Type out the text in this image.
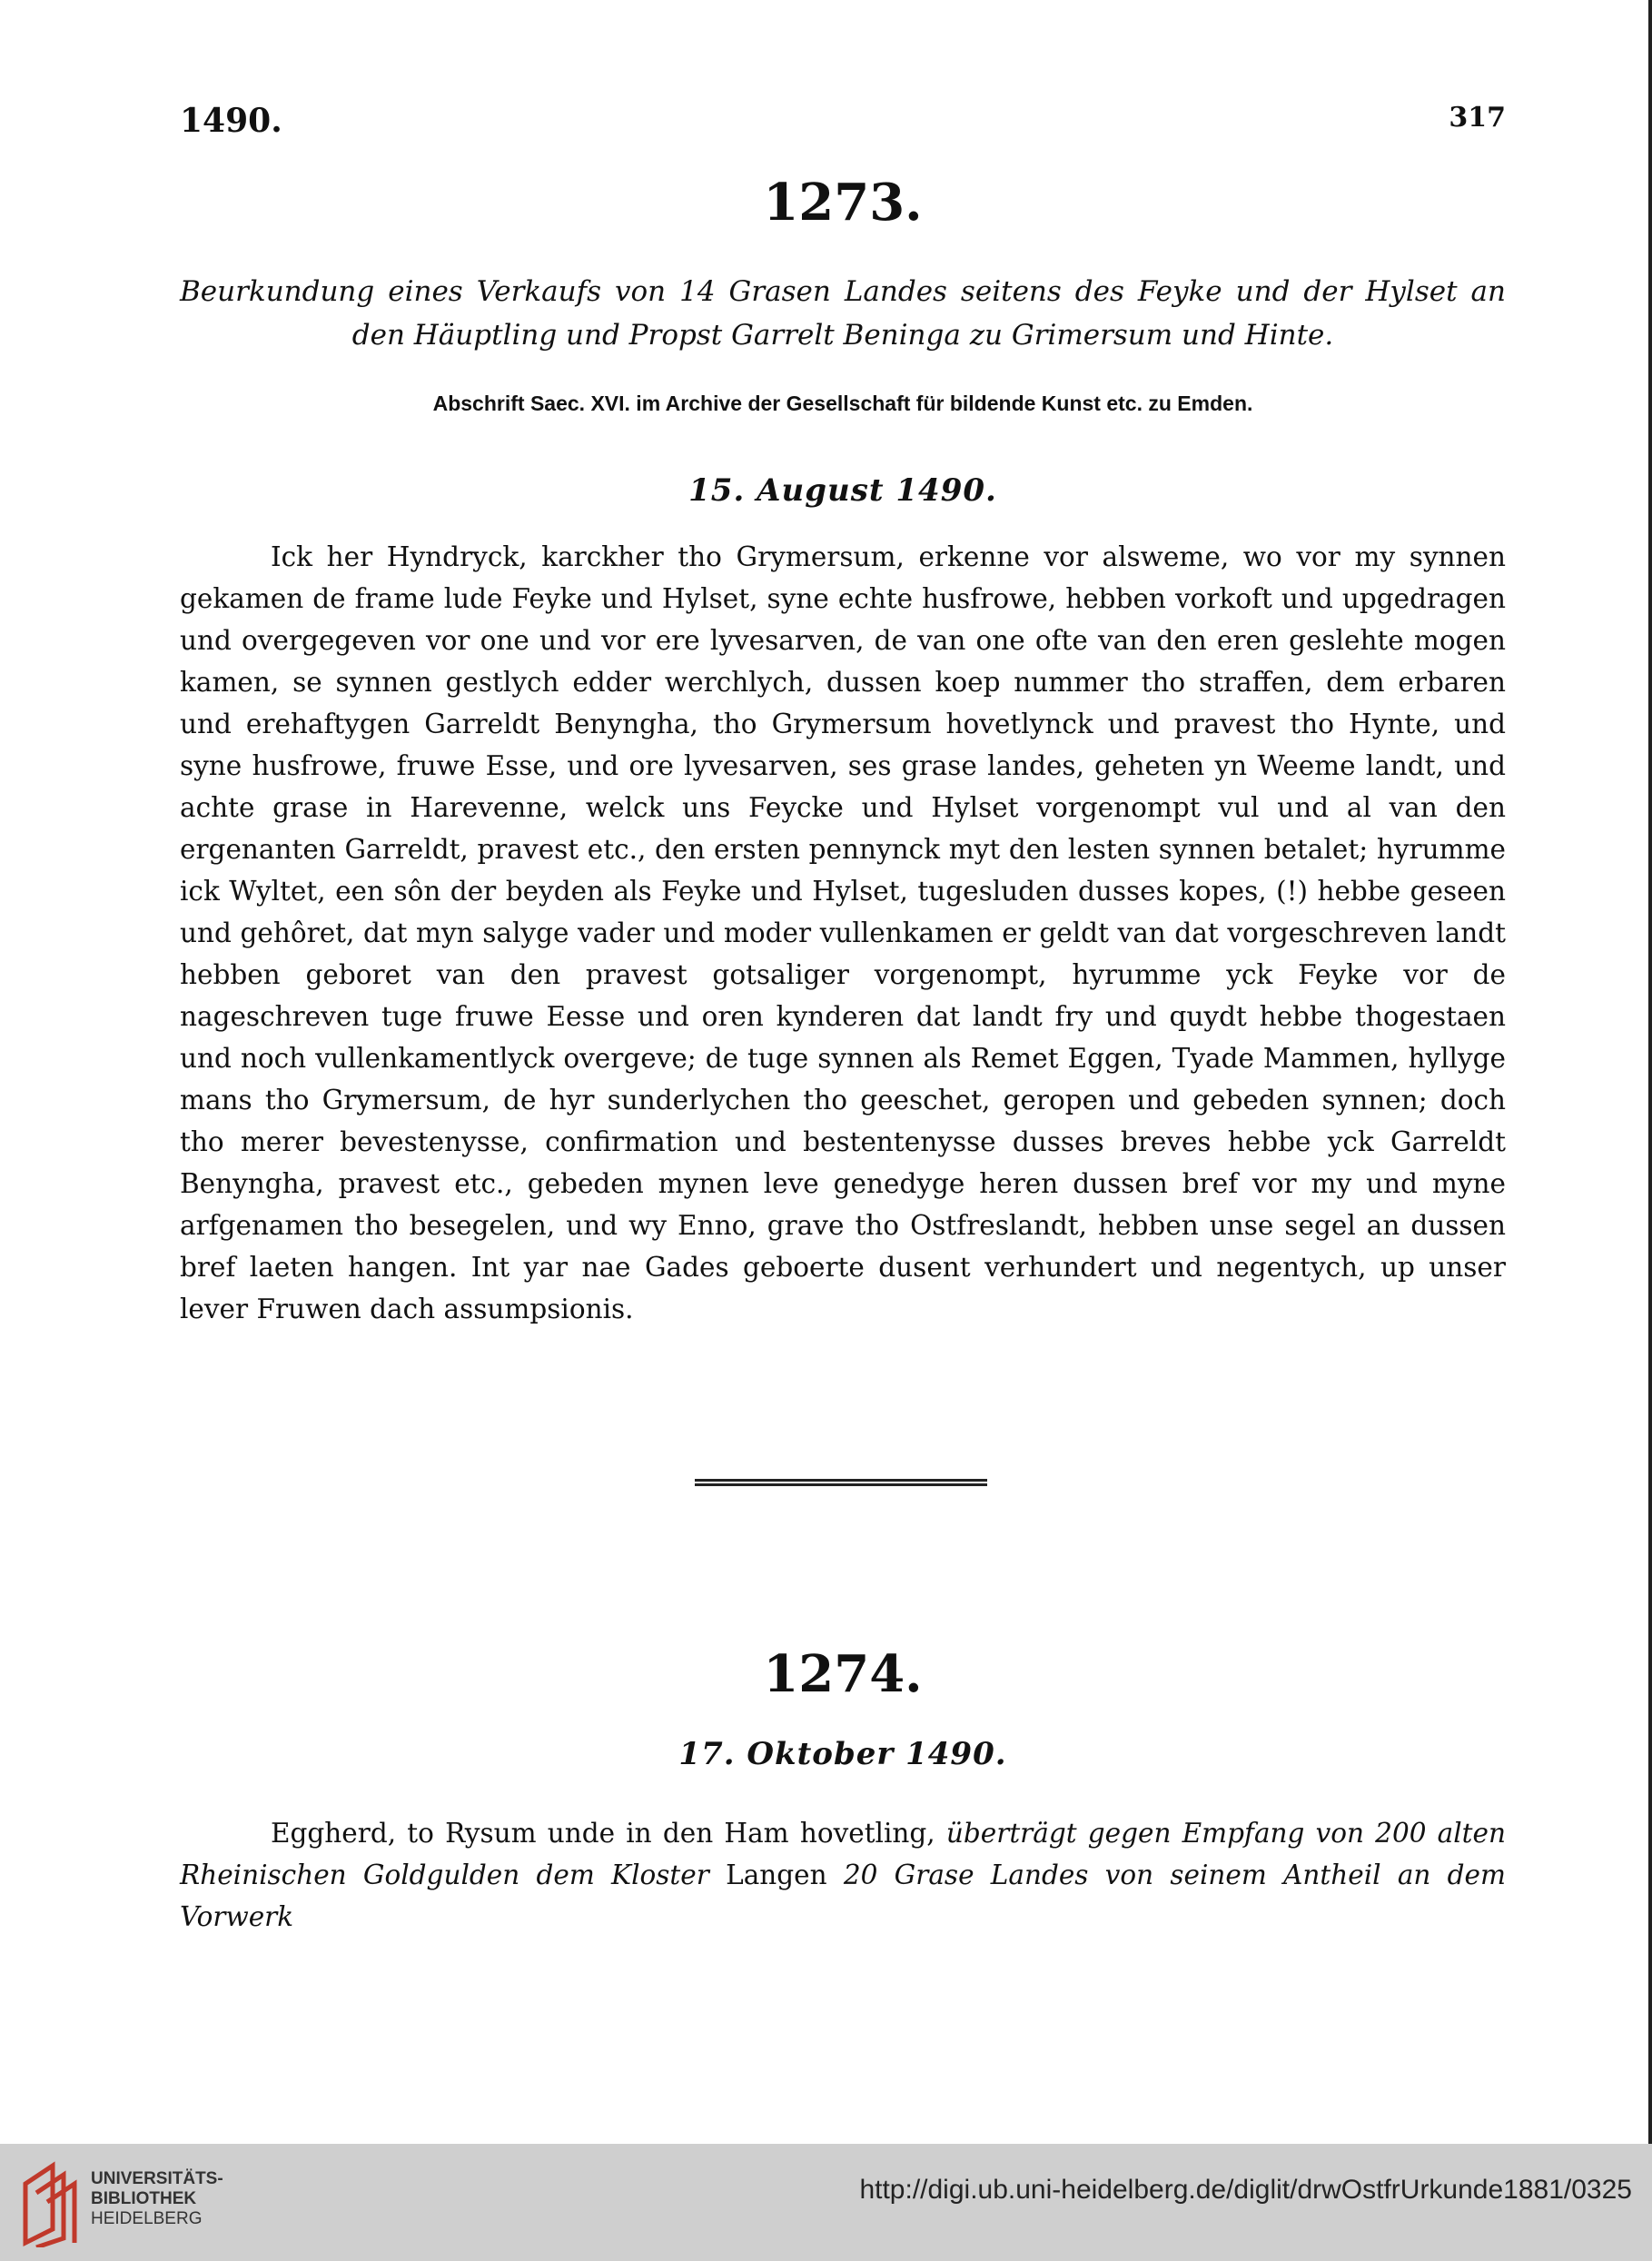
1490.	317
1273.

Beurkundung eines Verkaufs von 14 Grasen Landes seitens des Feyke und der Hylset an den Häuptling und Propst Garrelt Beninga zu Grimersum und Hinte.

Abschrift Saec. XVI. im Archive der Gesellschaft für bildende Kunst etc. zu Emden.

15. August 1490.

Ick her Hyndryck, karckher tho Grymersum, erkenne vor alsweme, wo vor my synnen gekamen de frame lude Feyke und Hylset, syne echte husfrowe, hebben vorkoft und upgedragen und overgegeven vor one und vor ere lyvesarven, de van one ofte van den eren geslehte mogen kamen, se synnen gestlych edder werchlych, dussen koep nummer tho straffen, dem erbaren und erehaftygen Garreldt Benyngha, tho Grymersum hovetlynck und pravest tho Hynte, und syne husfrowe, fruwe Esse, und ore lyvesarven, ses grase landes, geheten yn Weeme landt, und achte grase in Harevenne, welck uns Feycke und Hylset vorgenompt vul und al van den ergenanten Garreldt, pravest etc., den ersten pennynck myt den lesten synnen betalet; hyrumme ick Wyltet, een sôn der beyden als Feyke und Hylset, tugesluden dusses kopes, (!) hebbe geseen und gehôret, dat myn salyge vader und moder vullenkamen er geldt van dat vorgeschreven landt hebben geboret van den pravest gotsaliger vorgenompt, hyrumme yck Feyke vor de nageschreven tuge fruwe Eesse und oren kynderen dat landt fry und quydt hebbe thogestaen und noch vullenkamentlyck overgeve; de tuge synnen als Remet Eggen, Tyade Mammen, hyllyge mans tho Grymersum, de hyr sunderlychen tho geeschet, geropen und gebeden synnen; doch tho merer bevestenysse, confirmation und bestentenysse dusses breves hebbe yck Garreldt Benyngha, pravest etc., gebeden mynen leve genedyge heren dussen bref vor my und myne arfgenamen tho besegelen, und wy Enno, grave tho Ostfreslandt, hebben unse segel an dussen bref laeten hangen. Int yar nae Gades geboerte dusent verhundert und negentych, up unser lever Fruwen dach assumpsionis.

1274.

17. Oktober 1490.

Eggherd, to Rysum unde in den Ham hovetling, überträgt gegen Empfang von 200 alten Rheinischen Goldgulden dem Kloster Langen 20 Grase Landes von seinem Antheil an dem Vorwerk

UNIVERSITÄTS-
BIBLIOTHEK
HEIDELBERG
http://digi.ub.uni-heidelberg.de/diglit/drwOstfrUrkunde1881/0325
